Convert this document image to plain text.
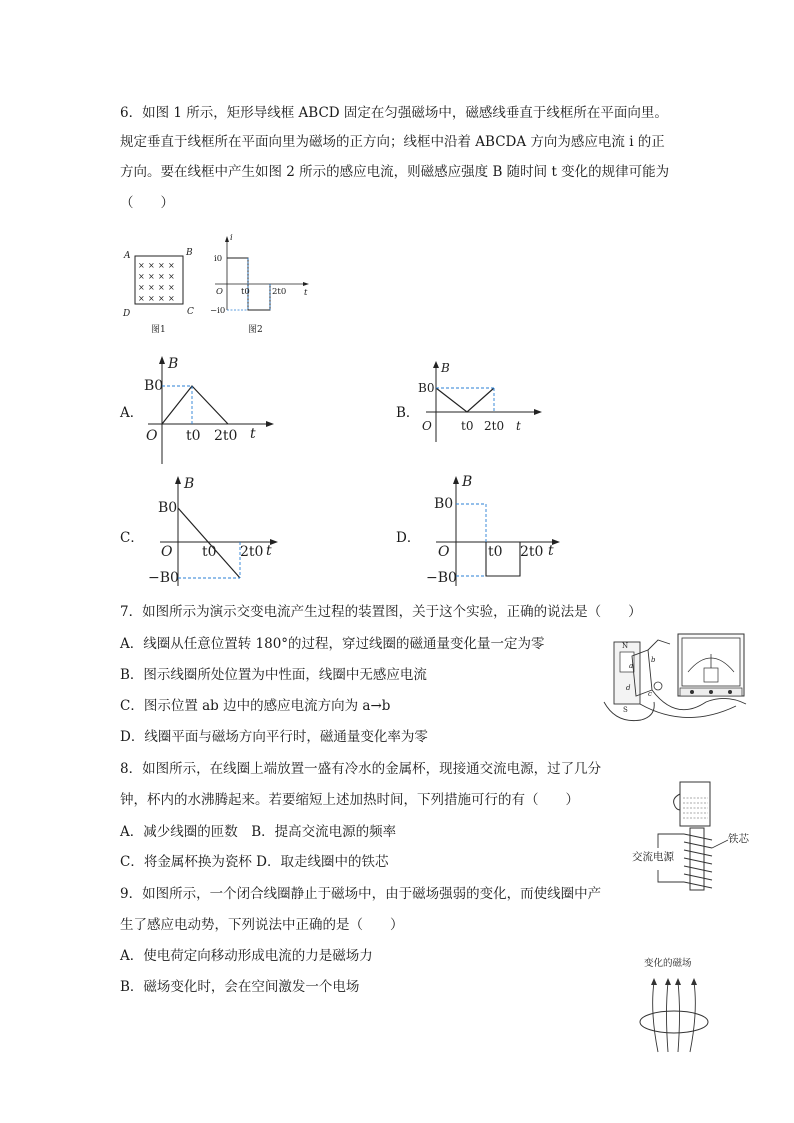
6．如图 1 所示，矩形导线框 ABCD 固定在匀强磁场中，磁感线垂直于线框所在平面向里。
规定垂直于线框所在平面向里为磁场的正方向；线框中沿着 ABCDA 方向为感应电流 i 的正
方向。要在线框中产生如图 2 所示的感应电流，则磁感应强度 B 随时间 t 变化的规律可能为
（　　）
× × × ×
× × × ×
× × × ×
× × × ×
A	B
C
D
图1
i
i0
−i0
O t0	2t0 t
图2
A．
B
B0
O t0 2t0 t
B．
B
B0
O t0 2t0 t
C．
B
B0
−B0
O t0 2t0 t
D．
B
B0
−B0
O	t0 2t0 t
7．如图所示为演示交变电流产生过程的装置图，关于这个实验，正确的说法是（　　）
A．线圈从任意位置转 180°的过程，穿过线圈的磁通量变化量一定为零
B．图示线圈所处位置为中性面，线圈中无感应电流
C．图示位置 ab 边中的感应电流方向为 a→b
D．线圈平面与磁场方向平行时，磁通量变化率为零
N
S
a
b
c
d
8．如图所示，在线圈上端放置一盛有冷水的金属杯，现接通交流电源，过了几分
钟，杯内的水沸腾起来。若要缩短上述加热时间，下列措施可行的有（　　）
A．减少线圈的匝数　B．提高交流电源的频率
C．将金属杯换为瓷杯 D．取走线圈中的铁芯
铁芯
交流电源
9．如图所示，一个闭合线圈静止于磁场中，由于磁场强弱的变化，而使线圈中产
生了感应电动势，下列说法中正确的是（　　）
A．使电荷定向移动形成电流的力是磁场力
B．磁场变化时，会在空间激发一个电场
变化的磁场
